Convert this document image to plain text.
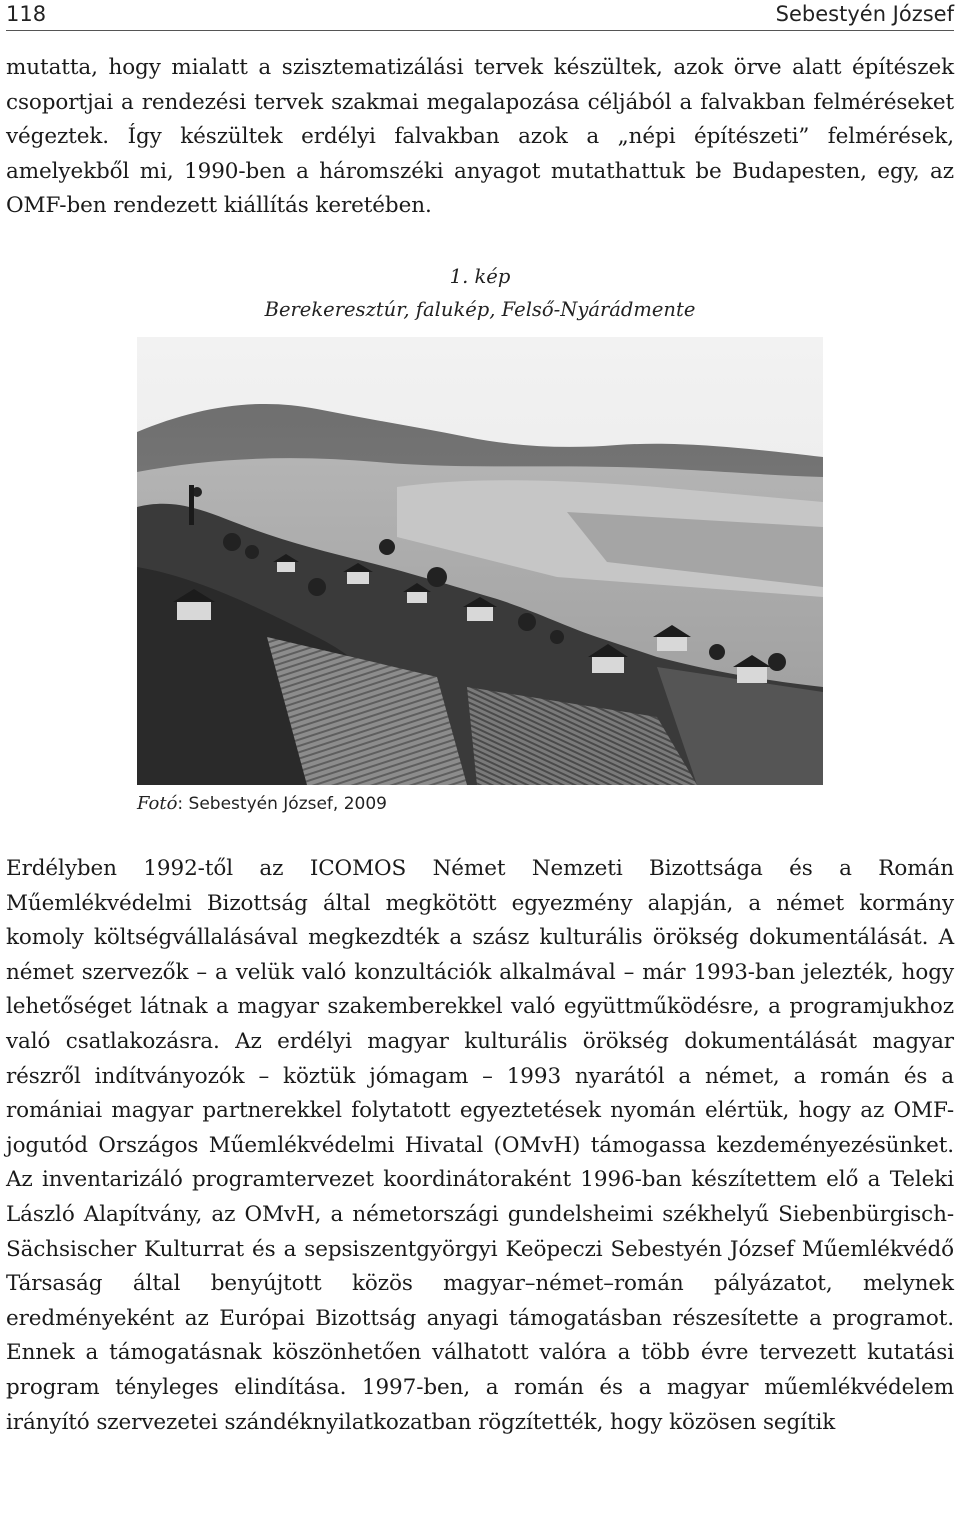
118	Sebestyén József

mutatta, hogy mialatt a szisztematizálási tervek készültek, azok örve alatt építészek csoportjai a rendezési tervek szakmai megalapozása céljából a falvakban felméréseket végeztek. Így készültek erdélyi falvakban azok a „népi építészeti” felmérések, amelyekből mi, 1990-ben a háromszéki anyagot mutathattuk be Budapesten, egy, az OMF-ben rendezett kiállítás keretében.

1. kép
Berekeresztúr, falukép, Felső-Nyárádmente
Fotó: Sebestyén József, 2009

Erdélyben 1992-től az ICOMOS Német Nemzeti Bizottsága és a Román Műemlékvédelmi Bizottság által megkötött egyezmény alapján, a német kormány komoly költségvállalásával megkezdték a szász kulturális örökség dokumentálását. A német szervezők – a velük való konzultációk alkalmával – már 1993-ban jelezték, hogy lehetőséget látnak a magyar szakemberekkel való együttműködésre, a programjukhoz való csatlakozásra. Az erdélyi magyar kulturális örökség dokumentálását magyar részről indítványozók – köztük jómagam – 1993 nyarától a német, a román és a romániai magyar partnerekkel folytatott egyeztetések nyomán elértük, hogy az OMF-jogutód Országos Műemlékvédelmi Hivatal (OMvH) támogassa kezdeményezésünket. Az inventarizáló programtervezet koordinátoraként 1996-ban készítettem elő a Teleki László Alapítvány, az OMvH, a németországi gundelsheimi székhelyű Siebenbürgisch-Sächsischer Kulturrat és a sepsiszentgyörgyi Keöpeczi Sebestyén József Műemlékvédő Társaság által benyújtott közös magyar–német–román pályázatot, melynek eredményeként az Európai Bizottság anyagi támogatásban részesítette a programot. Ennek a támogatásnak köszönhetően válhatott valóra a több évre tervezett kutatási program tényleges elindítása. 1997-ben, a román és a magyar műemlékvédelem irányító szervezetei szándéknyilatkozatban rögzítették, hogy közösen segítik
